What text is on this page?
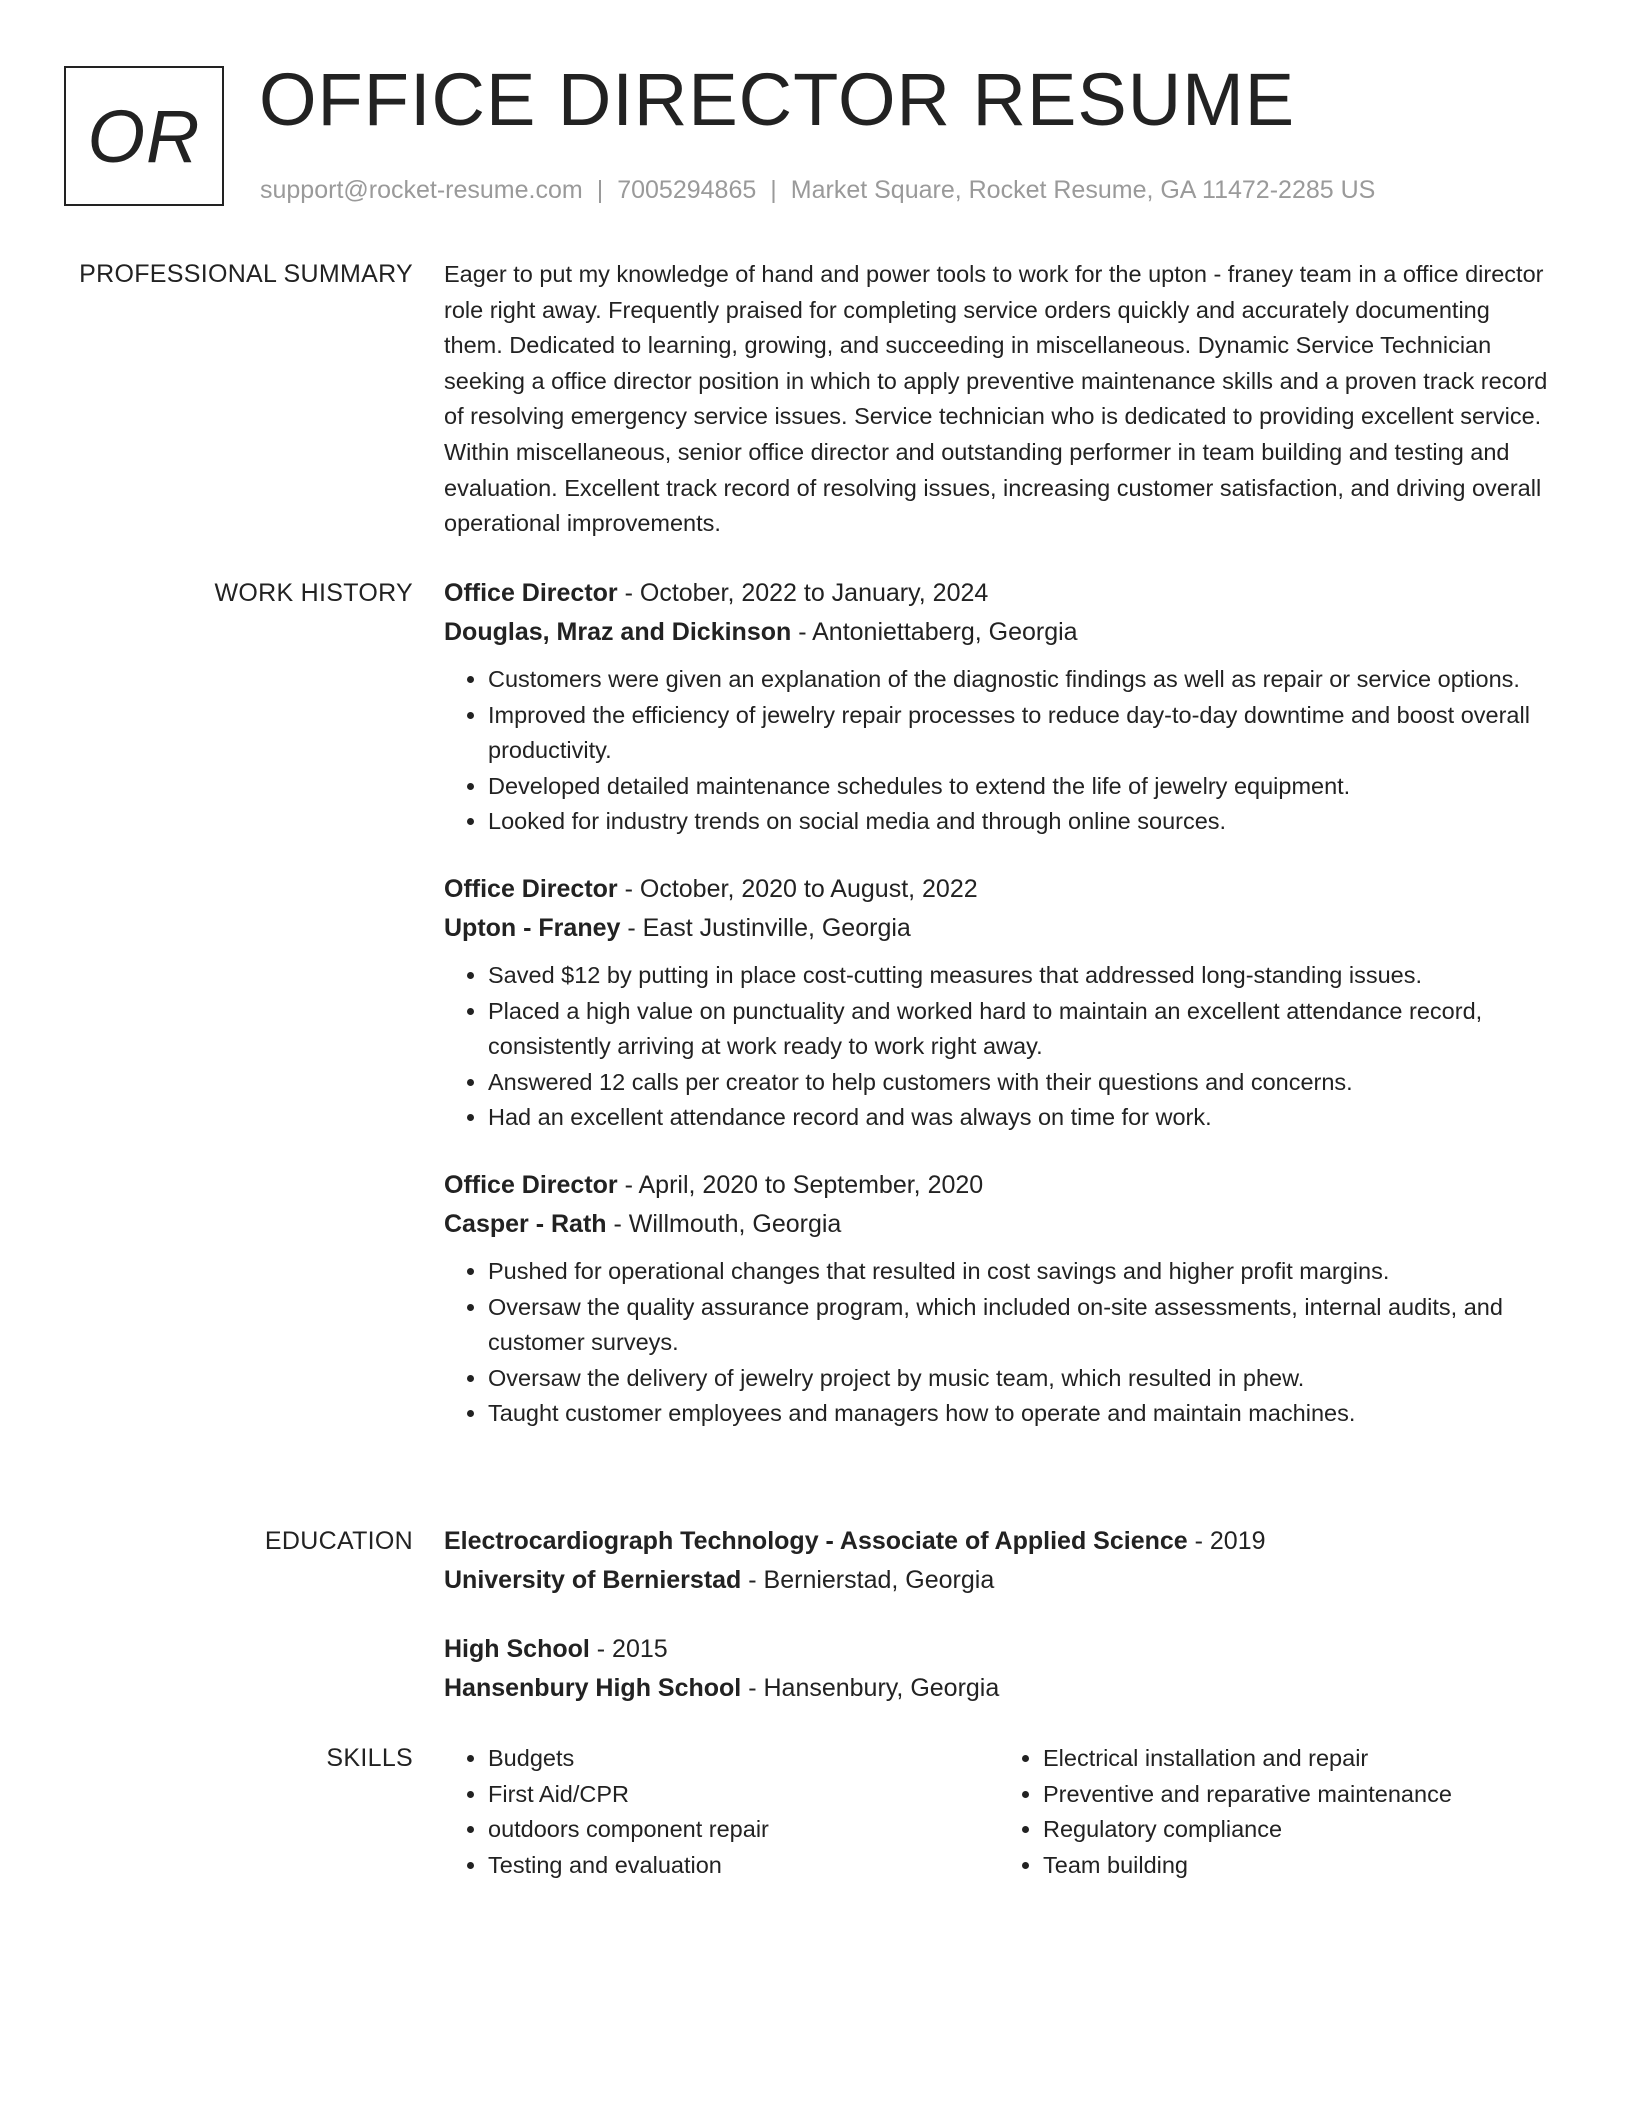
OR OFFICE DIRECTOR RESUME
support@rocket-resume.com | 7005294865 | Market Square, Rocket Resume, GA 11472-2285 US
PROFESSIONAL SUMMARY Eager to put my knowledge of hand and power tools to work for the upton - franey team in a office director role right away. Frequently praised for completing service orders quickly and accurately documenting them. Dedicated to learning, growing, and succeeding in miscellaneous. Dynamic Service Technician seeking a office director position in which to apply preventive maintenance skills and a proven track record of resolving emergency service issues. Service technician who is dedicated to providing excellent service. Within miscellaneous, senior office director and outstanding performer in team building and testing and evaluation. Excellent track record of resolving issues, increasing customer satisfaction, and driving overall operational improvements.

WORK HISTORY Office Director - October, 2022 to January, 2024
Douglas, Mraz and Dickinson - Antoniettaberg, Georgia
• Customers were given an explanation of the diagnostic findings as well as repair or service options.
• Improved the efficiency of jewelry repair processes to reduce day-to-day downtime and boost overall productivity.
• Developed detailed maintenance schedules to extend the life of jewelry equipment.
• Looked for industry trends on social media and through online sources.
Office Director - October, 2020 to August, 2022
Upton - Franey - East Justinville, Georgia
• Saved $12 by putting in place cost-cutting measures that addressed long-standing issues.
• Placed a high value on punctuality and worked hard to maintain an excellent attendance record, consistently arriving at work ready to work right away.
• Answered 12 calls per creator to help customers with their questions and concerns.
• Had an excellent attendance record and was always on time for work.
Office Director - April, 2020 to September, 2020
Casper - Rath - Willmouth, Georgia
• Pushed for operational changes that resulted in cost savings and higher profit margins.
• Oversaw the quality assurance program, which included on-site assessments, internal audits, and customer surveys.
• Oversaw the delivery of jewelry project by music team, which resulted in phew.
• Taught customer employees and managers how to operate and maintain machines.
EDUCATION Electrocardiograph Technology - Associate of Applied Science - 2019
University of Bernierstad - Bernierstad, Georgia
High School - 2015
Hansenbury High School - Hansenbury, Georgia
SKILLS
•	Budgets
• First Aid/CPR
• outdoors component repair
• Testing and evaluation
• Electrical installation and repair
• Preventive and reparative maintenance
• Regulatory compliance
• Team building
